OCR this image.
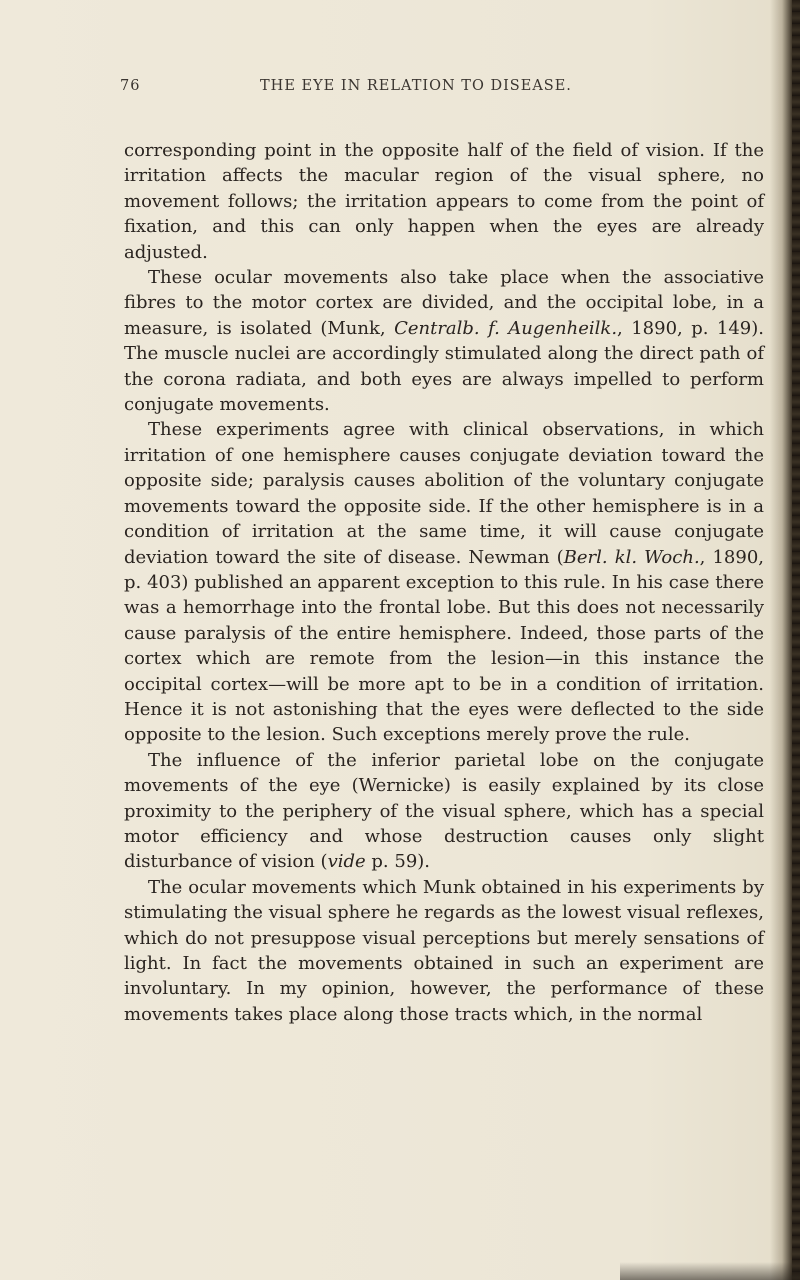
76	THE EYE IN RELATION TO DISEASE.

corresponding point in the opposite half of the field of vision. If the irritation affects the macular region of the visual sphere, no movement follows; the irritation appears to come from the point of fixation, and this can only happen when the eyes are already adjusted.

These ocular movements also take place when the associative fibres to the motor cortex are divided, and the occipital lobe, in a measure, is isolated (Munk, Centralb. f. Augenheilk., 1890, p. 149). The muscle nuclei are accordingly stimulated along the direct path of the corona radiata, and both eyes are always impelled to perform conjugate movements.

These experiments agree with clinical observations, in which irritation of one hemisphere causes conjugate deviation toward the opposite side; paralysis causes abolition of the voluntary conjugate movements toward the opposite side. If the other hemisphere is in a condition of irritation at the same time, it will cause conjugate deviation toward the site of disease. Newman (Berl. kl. Woch., 1890, p. 403) published an apparent exception to this rule. In his case there was a hemorrhage into the frontal lobe. But this does not necessarily cause paralysis of the entire hemisphere. Indeed, those parts of the cortex which are remote from the lesion—in this instance the occipital cortex—will be more apt to be in a condition of irritation. Hence it is not astonishing that the eyes were deflected to the side opposite to the lesion. Such exceptions merely prove the rule.

The influence of the inferior parietal lobe on the conjugate movements of the eye (Wernicke) is easily explained by its close proximity to the periphery of the visual sphere, which has a special motor efficiency and whose destruction causes only slight disturbance of vision (vide p. 59).

The ocular movements which Munk obtained in his experiments by stimulating the visual sphere he regards as the lowest visual reflexes, which do not presuppose visual perceptions but merely sensations of light. In fact the movements obtained in such an experiment are involuntary. In my opinion, however, the performance of these movements takes place along those tracts which, in the normal
